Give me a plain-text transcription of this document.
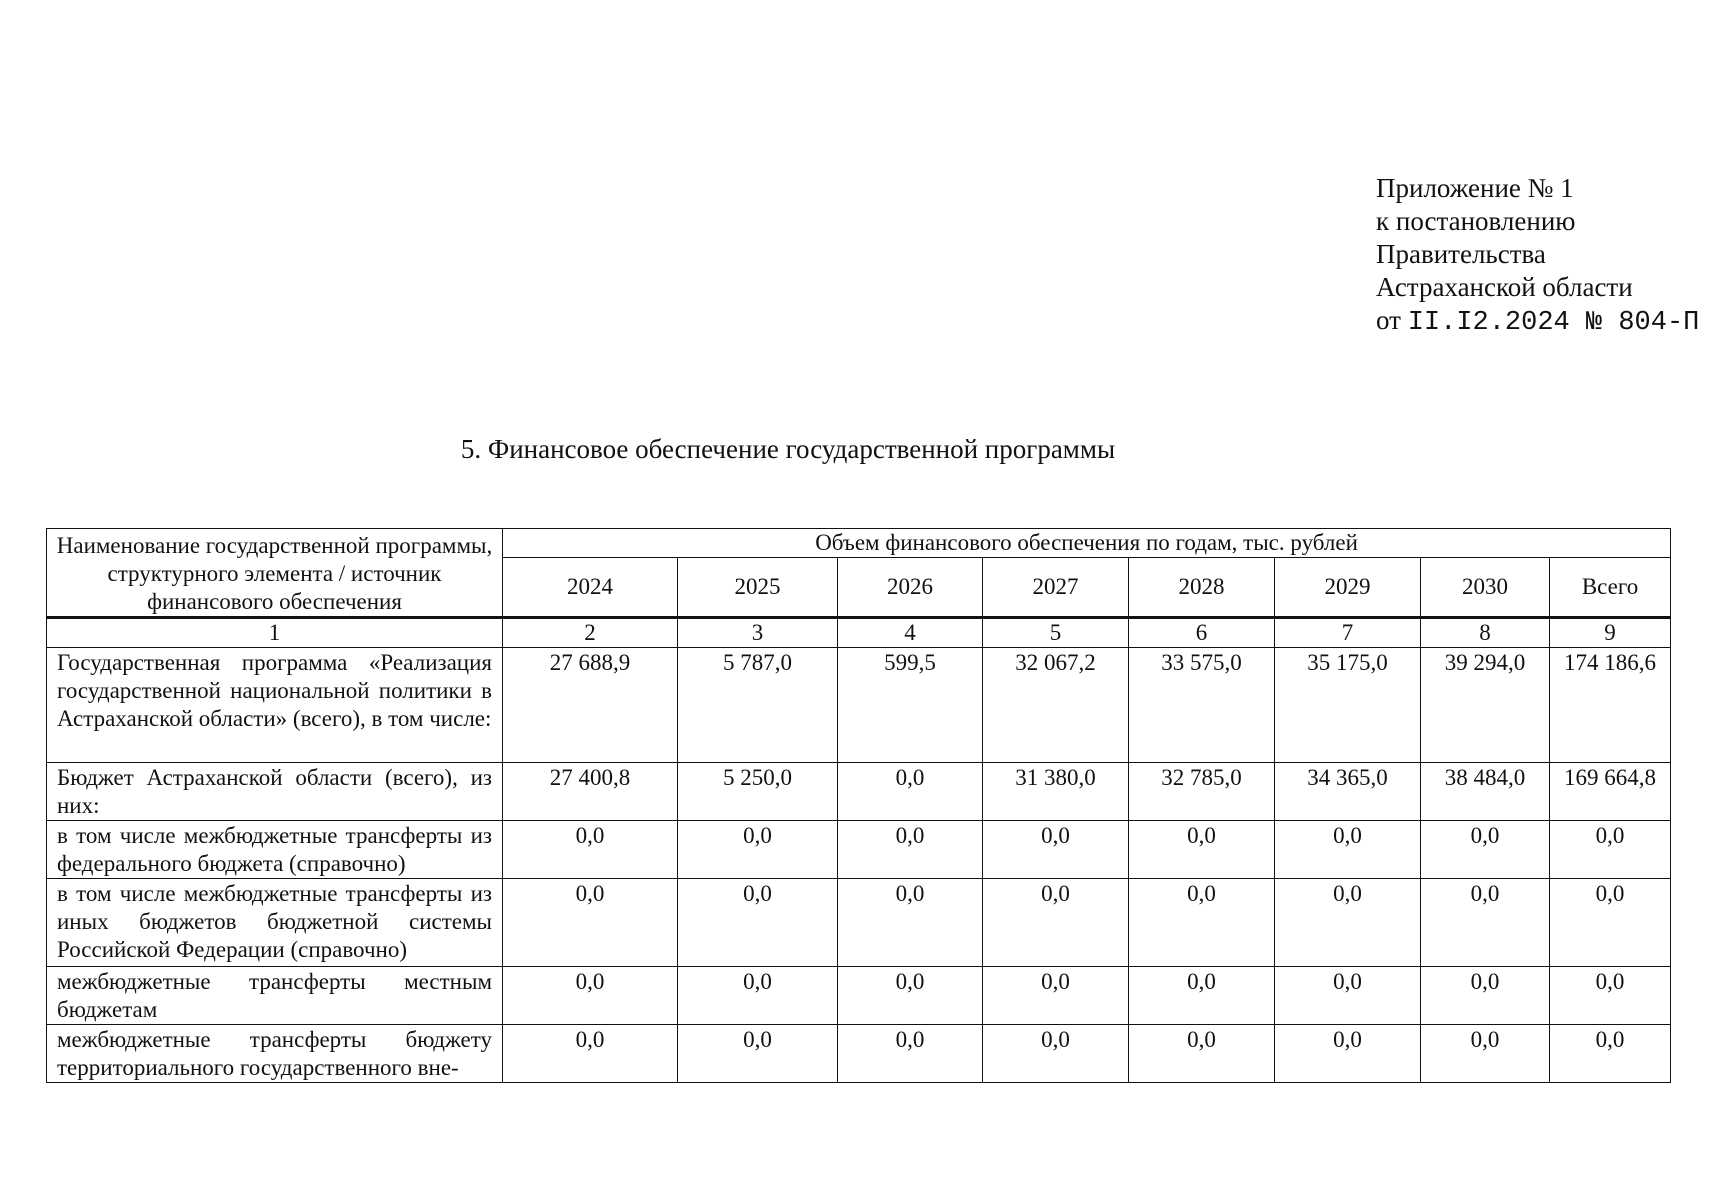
Приложение № 1
к постановлению
Правительства
Астраханской области
от II.I2.2024 № 804-П
5. Финансовое обеспечение государственной программы
Наименование государственной программы, структурного элемента / источник финансового обеспечения	Объем финансового обеспечения по годам, тыс. рублей							
	2024	2025	2026	2027	2028	2029	2030	Всего
1	2	3	4	5	6	7	8	9
Государственная программа «Реализация государственной национальной политики в Астраханской области» (всего), в том числе:	27 688,9	5 787,0	599,5	32 067,2	33 575,0	35 175,0	39 294,0	174 186,6
Бюджет Астраханской области (всего), из них:	27 400,8	5 250,0	0,0	31 380,0	32 785,0	34 365,0	38 484,0	169 664,8
в том числе межбюджетные трансферты из федерального бюджета (справочно)	0,0	0,0	0,0	0,0	0,0	0,0	0,0	0,0
в том числе межбюджетные трансферты из иных бюджетов бюджетной системы Российской Федерации (справочно)	0,0	0,0	0,0	0,0	0,0	0,0	0,0	0,0
межбюджетные трансферты местным бюджетам	0,0	0,0	0,0	0,0	0,0	0,0	0,0	0,0
межбюджетные трансферты бюджету территориального государственного вне-	0,0	0,0	0,0	0,0	0,0	0,0	0,0	0,0
